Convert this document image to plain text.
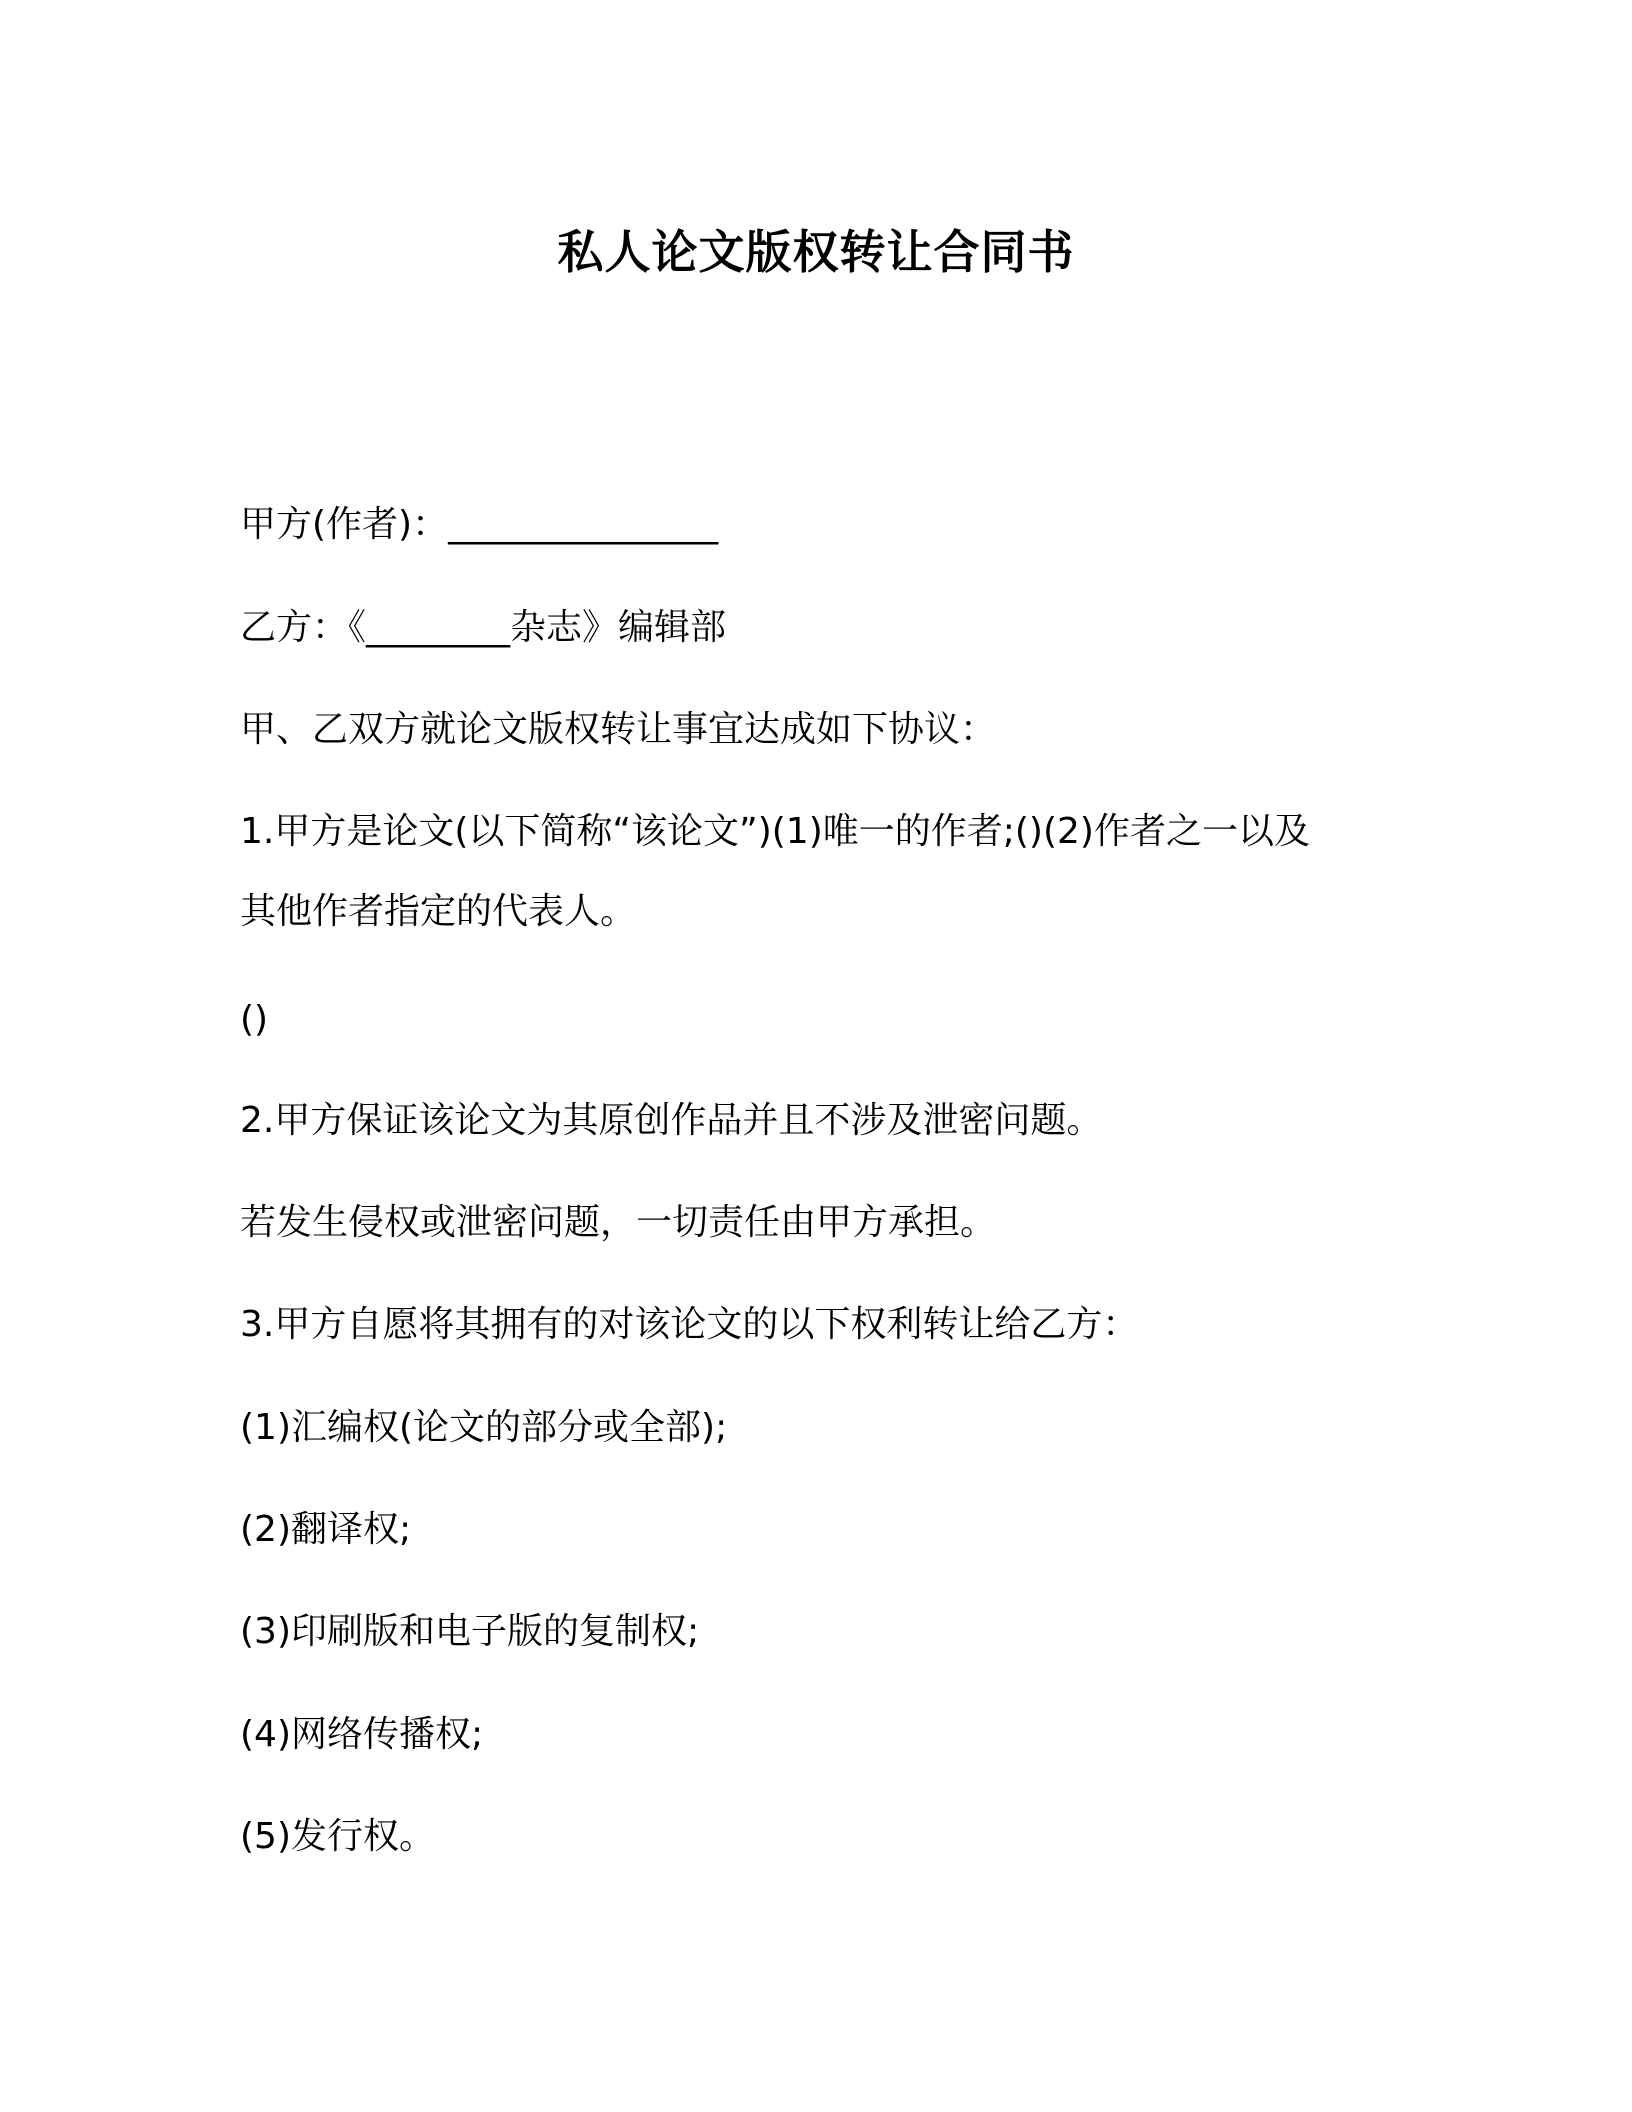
私人论文版权转让合同书
甲方(作者)：_______________
乙方：《________杂志》编辑部
甲、乙双方就论文版权转让事宜达成如下协议：
1.甲方是论文(以下简称“该论文”)(1)唯一的作者;()(2)作者之一以及
其他作者指定的代表人。
()
2.甲方保证该论文为其原创作品并且不涉及泄密问题。
若发生侵权或泄密问题，一切责任由甲方承担。
3.甲方自愿将其拥有的对该论文的以下权利转让给乙方：
(1)汇编权(论文的部分或全部);
(2)翻译权;
(3)印刷版和电子版的复制权;
(4)网络传播权;
(5)发行权。
